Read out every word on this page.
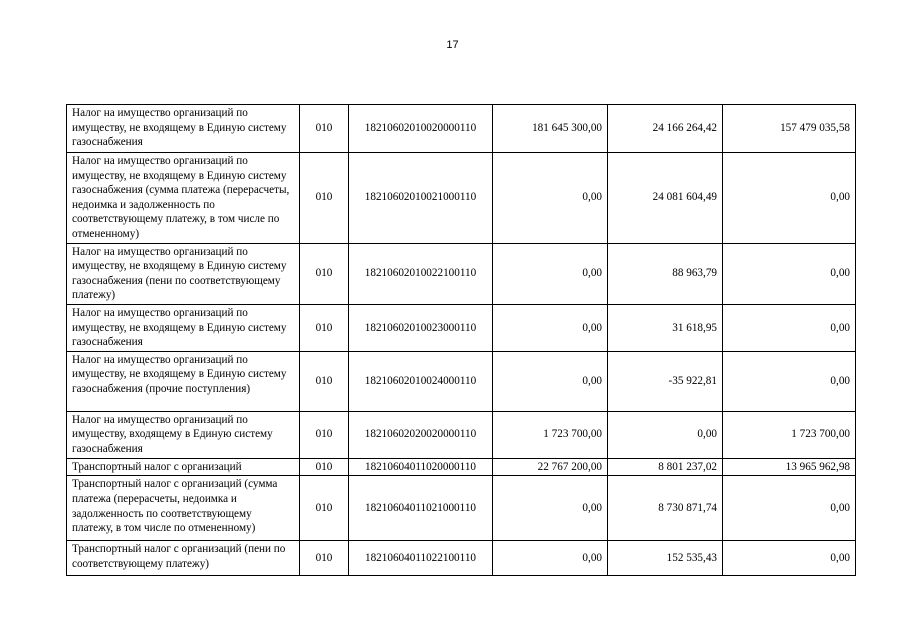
17
Налог на имущество организаций по имуществу, не входящему в Единую систему газоснабжения	010	18210602010020000110	181 645 300,00	24 166 264,42	157 479 035,58
Налог на имущество организаций по имуществу, не входящему в Единую систему газоснабжения (сумма платежа (перерасчеты, недоимка и задолженность по соответствующему платежу, в том числе по отмененному)	010	18210602010021000110	0,00	24 081 604,49	0,00
Налог на имущество организаций по имуществу, не входящему в Единую систему газоснабжения (пени по соответствующему платежу)	010	18210602010022100110	0,00	88 963,79	0,00
Налог на имущество организаций по имуществу, не входящему в Единую систему газоснабжения	010	18210602010023000110	0,00	31 618,95	0,00
Налог на имущество организаций по имуществу, не входящему в Единую систему газоснабжения (прочие поступления)	010	18210602010024000110	0,00	-35 922,81	0,00
Налог на имущество организаций по имуществу, входящему в Единую систему газоснабжения	010	18210602020020000110	1 723 700,00	0,00	1 723 700,00
Транспортный налог с организаций	010	18210604011020000110	22 767 200,00	8 801 237,02	13 965 962,98
Транспортный налог с организаций (сумма платежа (перерасчеты, недоимка и задолженность по соответствующему платежу, в том числе по отмененному)	010	18210604011021000110	0,00	8 730 871,74	0,00
Транспортный налог с организаций (пени по соответствующему платежу)	010	18210604011022100110	0,00	152 535,43	0,00
